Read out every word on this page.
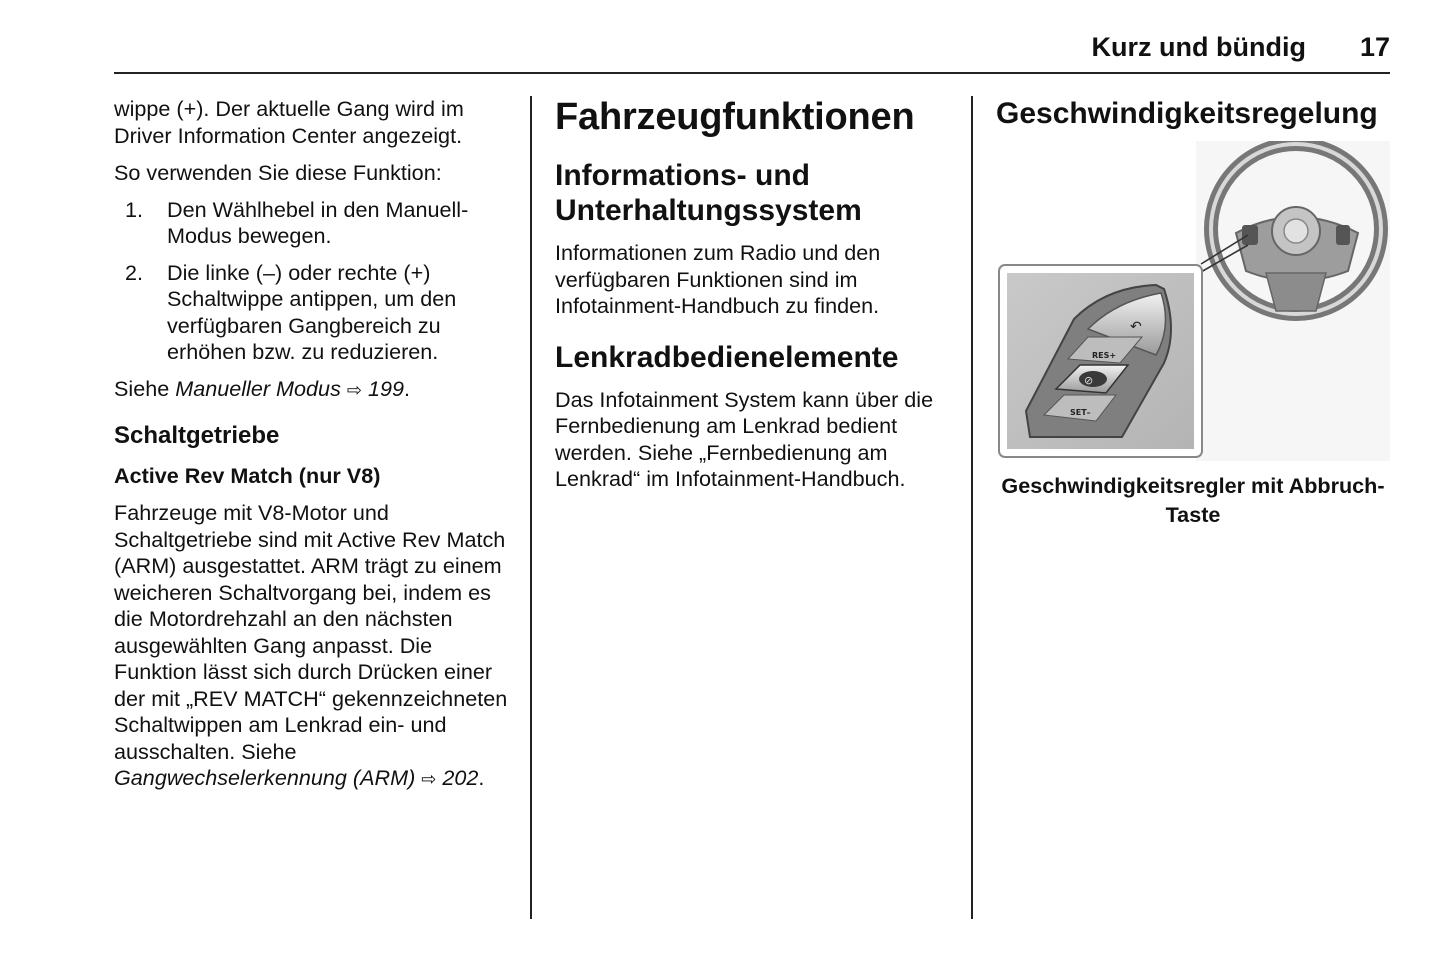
Kurz und bündig 17

wippe (+). Der aktuelle Gang wird im Driver Information Center angezeigt.

So verwenden Sie diese Funktion:

1. Den Wählhebel in den Manuell-Modus bewegen.
2. Die linke (–) oder rechte (+) Schaltwippe antippen, um den verfügbaren Gangbereich zu erhöhen bzw. zu reduzieren.

Siehe Manueller Modus ⇨ 199.

Schaltgetriebe
Active Rev Match (nur V8)

Fahrzeuge mit V8-Motor und Schaltgetriebe sind mit Active Rev Match (ARM) ausgestattet. ARM trägt zu einem weicheren Schaltvorgang bei, indem es die Motordrehzahl an den nächsten ausgewählten Gang anpasst. Die Funktion lässt sich durch Drücken einer der mit „REV MATCH“ gekennzeichneten Schaltwippen am Lenkrad ein- und ausschalten. Siehe Gangwechselerkennung (ARM) ⇨ 202.

Fahrzeugfunktionen
Informations- und Unterhaltungssystem

Informationen zum Radio und den verfügbaren Funktionen sind im Infotainment-Handbuch zu finden.

Lenkradbedienelemente

Das Infotainment System kann über die Fernbedienung am Lenkrad bedient werden. Siehe „Fernbedienung am Lenkrad“ im Infotainment-Handbuch.

Geschwindigkeitsregelung
↶
RES+
⊘
SET–
Geschwindigkeitsregler mit Abbruch-Taste
